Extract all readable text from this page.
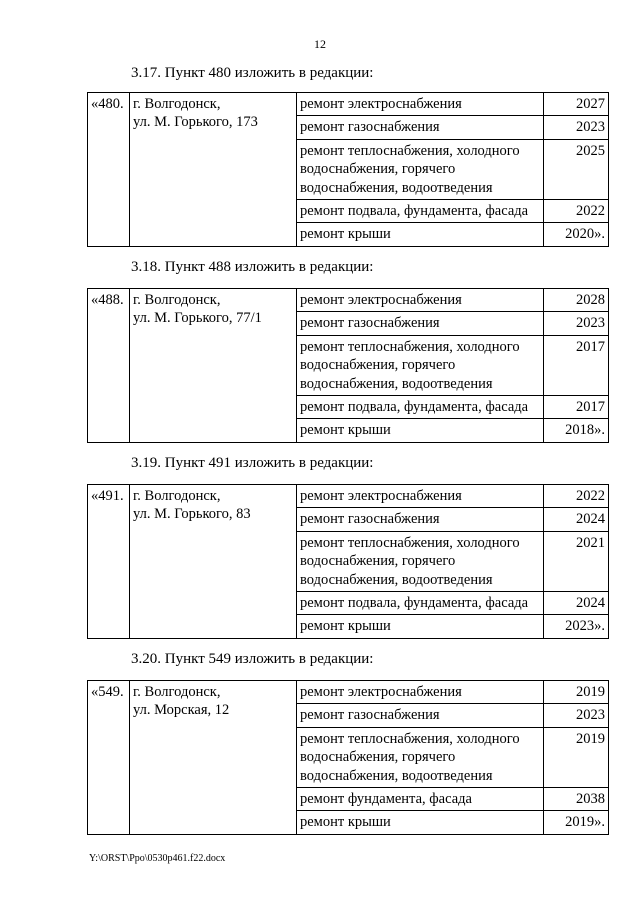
12
3.17. Пункт 480 изложить в редакции:
«480.	г. Волгодонск,
ул. М. Горького, 173	ремонт электроснабжения	2027
		ремонт газоснабжения	2023
		ремонт теплоснабжения, холодного водоснабжения, горячего водоснабжения, водоотведения	2025
		ремонт подвала, фундамента, фасада	2022
		ремонт крыши	2020».
3.18. Пункт 488 изложить в редакции:
«488.	г. Волгодонск,
ул. М. Горького, 77/1	ремонт электроснабжения	2028
		ремонт газоснабжения	2023
		ремонт теплоснабжения, холодного водоснабжения, горячего водоснабжения, водоотведения	2017
		ремонт подвала, фундамента, фасада	2017
		ремонт крыши	2018».
3.19. Пункт 491 изложить в редакции:
«491.	г. Волгодонск,
ул. М. Горького, 83	ремонт электроснабжения	2022
		ремонт газоснабжения	2024
		ремонт теплоснабжения, холодного водоснабжения, горячего водоснабжения, водоотведения	2021
		ремонт подвала, фундамента, фасада	2024
		ремонт крыши	2023».
3.20. Пункт 549 изложить в редакции:
«549.	г. Волгодонск,
ул. Морская, 12	ремонт электроснабжения	2019
		ремонт газоснабжения	2023
		ремонт теплоснабжения, холодного водоснабжения, горячего водоснабжения, водоотведения	2019
		ремонт фундамента, фасада	2038
		ремонт крыши	2019».
Y:\ORST\Ppo\0530p461.f22.docx
